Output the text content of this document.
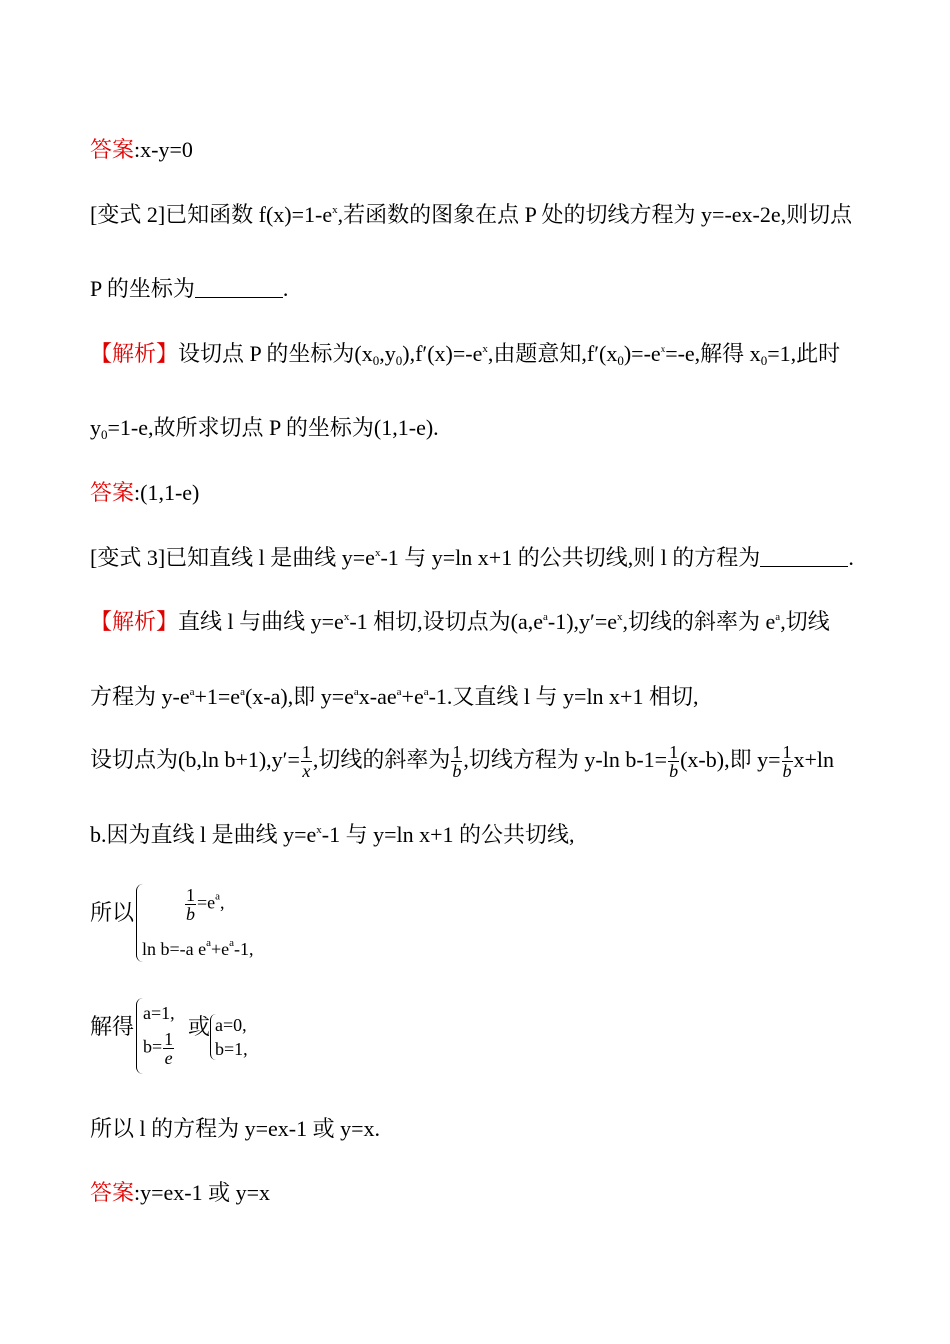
答案:x-y=0
[变式 2]已知函数 $f(x)=1-e^x$,若函数的图象在点 P 处的切线方程为 y=-ex-2e,则切点
P 的坐标为	.
【解析】设切点 P 的坐标为$(x_0,y_0),f'(x)=-e^x$,由题意知$,f'(x_0)=-e^x=-e$,解得 $x_0=1$,此时
$y_0=1-e$,故所求切点 P 的坐标为(1,1-e).
答案:(1,1-e)
[变式 3]已知直线 l 是曲线 $y=e^x-1$ 与 y=ln x+1 的公共切线,则 l 的方程为	.
【解析】直线 l 与曲线 $y=e^x-1$ 相切,设切点为$(a,e^a-1),y'=e^x$,切线的斜率为 $e^a$,切线
方程为 $y-e^a+1=e^a(x-a)$,即 $y=e^ax-ae^a+e^a-1$.又直线 l 与 y=ln x+1 相切,
设切点为(b,ln $b+1),y'= \frac{1}{x}$ ,切线的斜率为 $\frac{1}{b}$ ,切线方程为 y-ln $b-1= \frac{1}{b} (x-b)$,即 $y= \frac{1}{b} x+\ln$
b.因为直线 l 是曲线 $y=e^x-1$ 与 y=ln x+1 的公共切线,
所以	$\frac{1}{b} =e^a$,
ln b=-a $e^a+e^a-1$,
解得
a=1,
$b= \frac{1}{e}$
或 a=0,
b=1,
所以 l 的方程为 y=ex-1 或 y=x.
答案:y=ex-1 或 y=x
